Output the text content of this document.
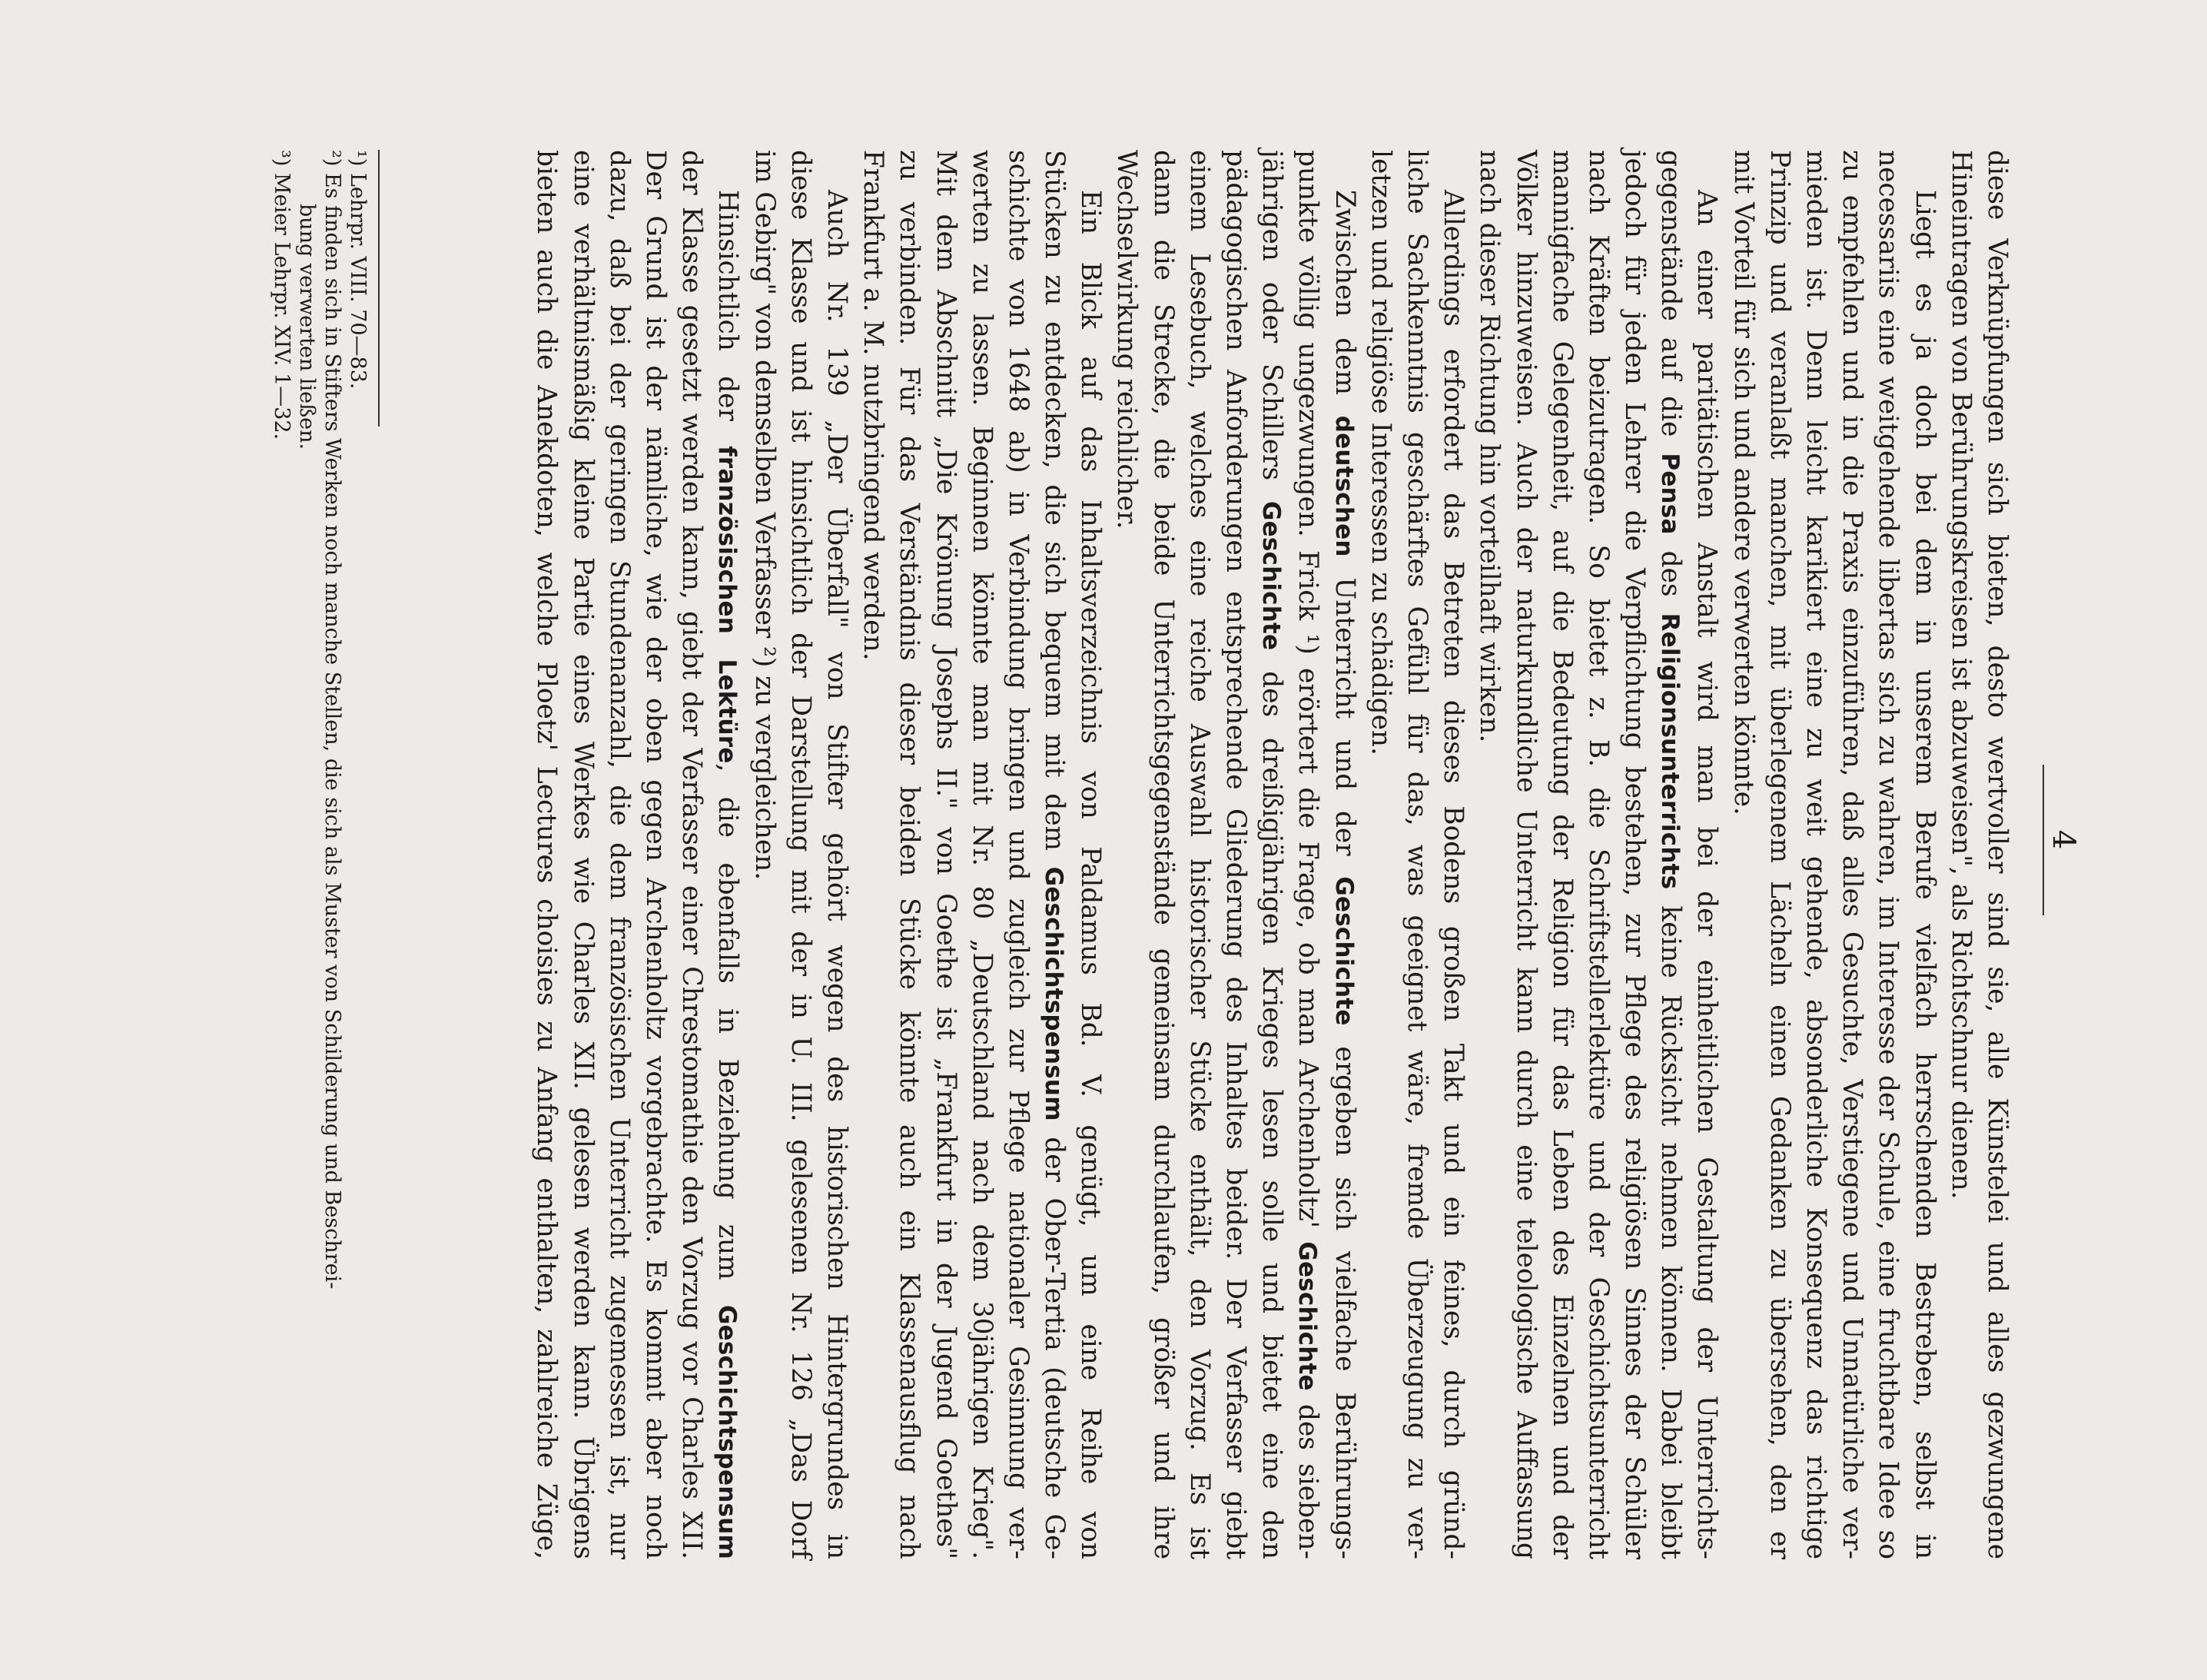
4
diese Verknüpfungen sich bieten, desto wertvoller sind sie, alle Künstelei und alles gezwungene
Hineintragen von Berührungskreisen ist abzuweisen", als Richtschnur dienen.
Liegt es ja doch bei dem in unserem Berufe vielfach herrschenden Bestreben, selbst in
necessariis eine weitgehende libertas sich zu wahren, im Interesse der Schule, eine fruchtbare Idee so
zu empfehlen und in die Praxis einzuführen, daß alles Gesuchte, Verstiegene und Unnatürliche ver-
mieden ist. Denn leicht karikiert eine zu weit gehende, absonderliche Konsequenz das richtige
Prinzip und veranlaßt manchen, mit überlegenem Lächeln einen Gedanken zu übersehen, den er
mit Vorteil für sich und andere verwerten könnte.
An einer paritätischen Anstalt wird man bei der einheitlichen Gestaltung der Unterrichts-
gegenstände auf die Pensa des Religionsunterrichts keine Rücksicht nehmen können. Dabei bleibt
jedoch für jeden Lehrer die Verpflichtung bestehen, zur Pflege des religiösen Sinnes der Schüler
nach Kräften beizutragen. So bietet z. B. die Schriftstellerlektüre und der Geschichtsunterricht
mannigfache Gelegenheit, auf die Bedeutung der Religion für das Leben des Einzelnen und der
Völker hinzuweisen. Auch der naturkundliche Unterricht kann durch eine teleologische Auffassung
nach dieser Richtung hin vorteilhaft wirken.
Allerdings erfordert das Betreten dieses Bodens großen Takt und ein feines, durch gründ-
liche Sachkenntnis geschärftes Gefühl für das, was geeignet wäre, fremde Überzeugung zu ver-
letzen und religiöse Interessen zu schädigen.
Zwischen dem deutschen Unterricht und der Geschichte ergeben sich vielfache Berührungs-
punkte völlig ungezwungen. Frick ¹) erörtert die Frage, ob man Archenholtz' Geschichte des sieben-
jährigen oder Schillers Geschichte des dreißigjährigen Krieges lesen solle und bietet eine den
pädagogischen Anforderungen entsprechende Gliederung des Inhaltes beider. Der Verfasser giebt
einem Lesebuch, welches eine reiche Auswahl historischer Stücke enthält, den Vorzug. Es ist
dann die Strecke, die beide Unterrichtsgegenstände gemeinsam durchlaufen, größer und ihre
Wechselwirkung reichlicher.
Ein Blick auf das Inhaltsverzeichnis von Paldamus Bd. V. genügt, um eine Reihe von
Stücken zu entdecken, die sich bequem mit dem Geschichtspensum der Ober-Tertia (deutsche Ge-
schichte von 1648 ab) in Verbindung bringen und zugleich zur Pflege nationaler Gesinnung ver-
werten zu lassen. Beginnen könnte man mit Nr. 80 „Deutschland nach dem 30jährigen Krieg".
Mit dem Abschnitt „Die Krönung Josephs II." von Goethe ist „Frankfurt in der Jugend Goethes"
zu verbinden. Für das Verständnis dieser beiden Stücke könnte auch ein Klassenausflug nach
Frankfurt a. M. nutzbringend werden.
Auch Nr. 139 „Der Überfall" von Stifter gehört wegen des historischen Hintergrundes in
diese Klasse und ist hinsichtlich der Darstellung mit der in U. III. gelesenen Nr. 126 „Das Dorf
im Gebirg" von demselben Verfasser ²) zu vergleichen.
Hinsichtlich der französischen Lektüre, die ebenfalls in Beziehung zum Geschichtspensum
der Klasse gesetzt werden kann, giebt der Verfasser einer Chrestomathie den Vorzug vor Charles XII.
Der Grund ist der nämliche, wie der oben gegen Archenholtz vorgebrachte. Es kommt aber noch
dazu, daß bei der geringen Stundenanzahl, die dem französischen Unterricht zugemessen ist, nur
eine verhältnismäßig kleine Partie eines Werkes wie Charles XII. gelesen werden kann. Übrigens
bieten auch die Anekdoten, welche Ploetz' Lectures choisies zu Anfang enthalten, zahlreiche Züge,
¹) Lehrpr. VIII. 70—83.
²) Es finden sich in Stifters Werken noch manche Stellen, die sich als Muster von Schilderung und Beschrei-
bung verwerten ließen.
³) Meier Lehrpr. XIV. 1—32.
